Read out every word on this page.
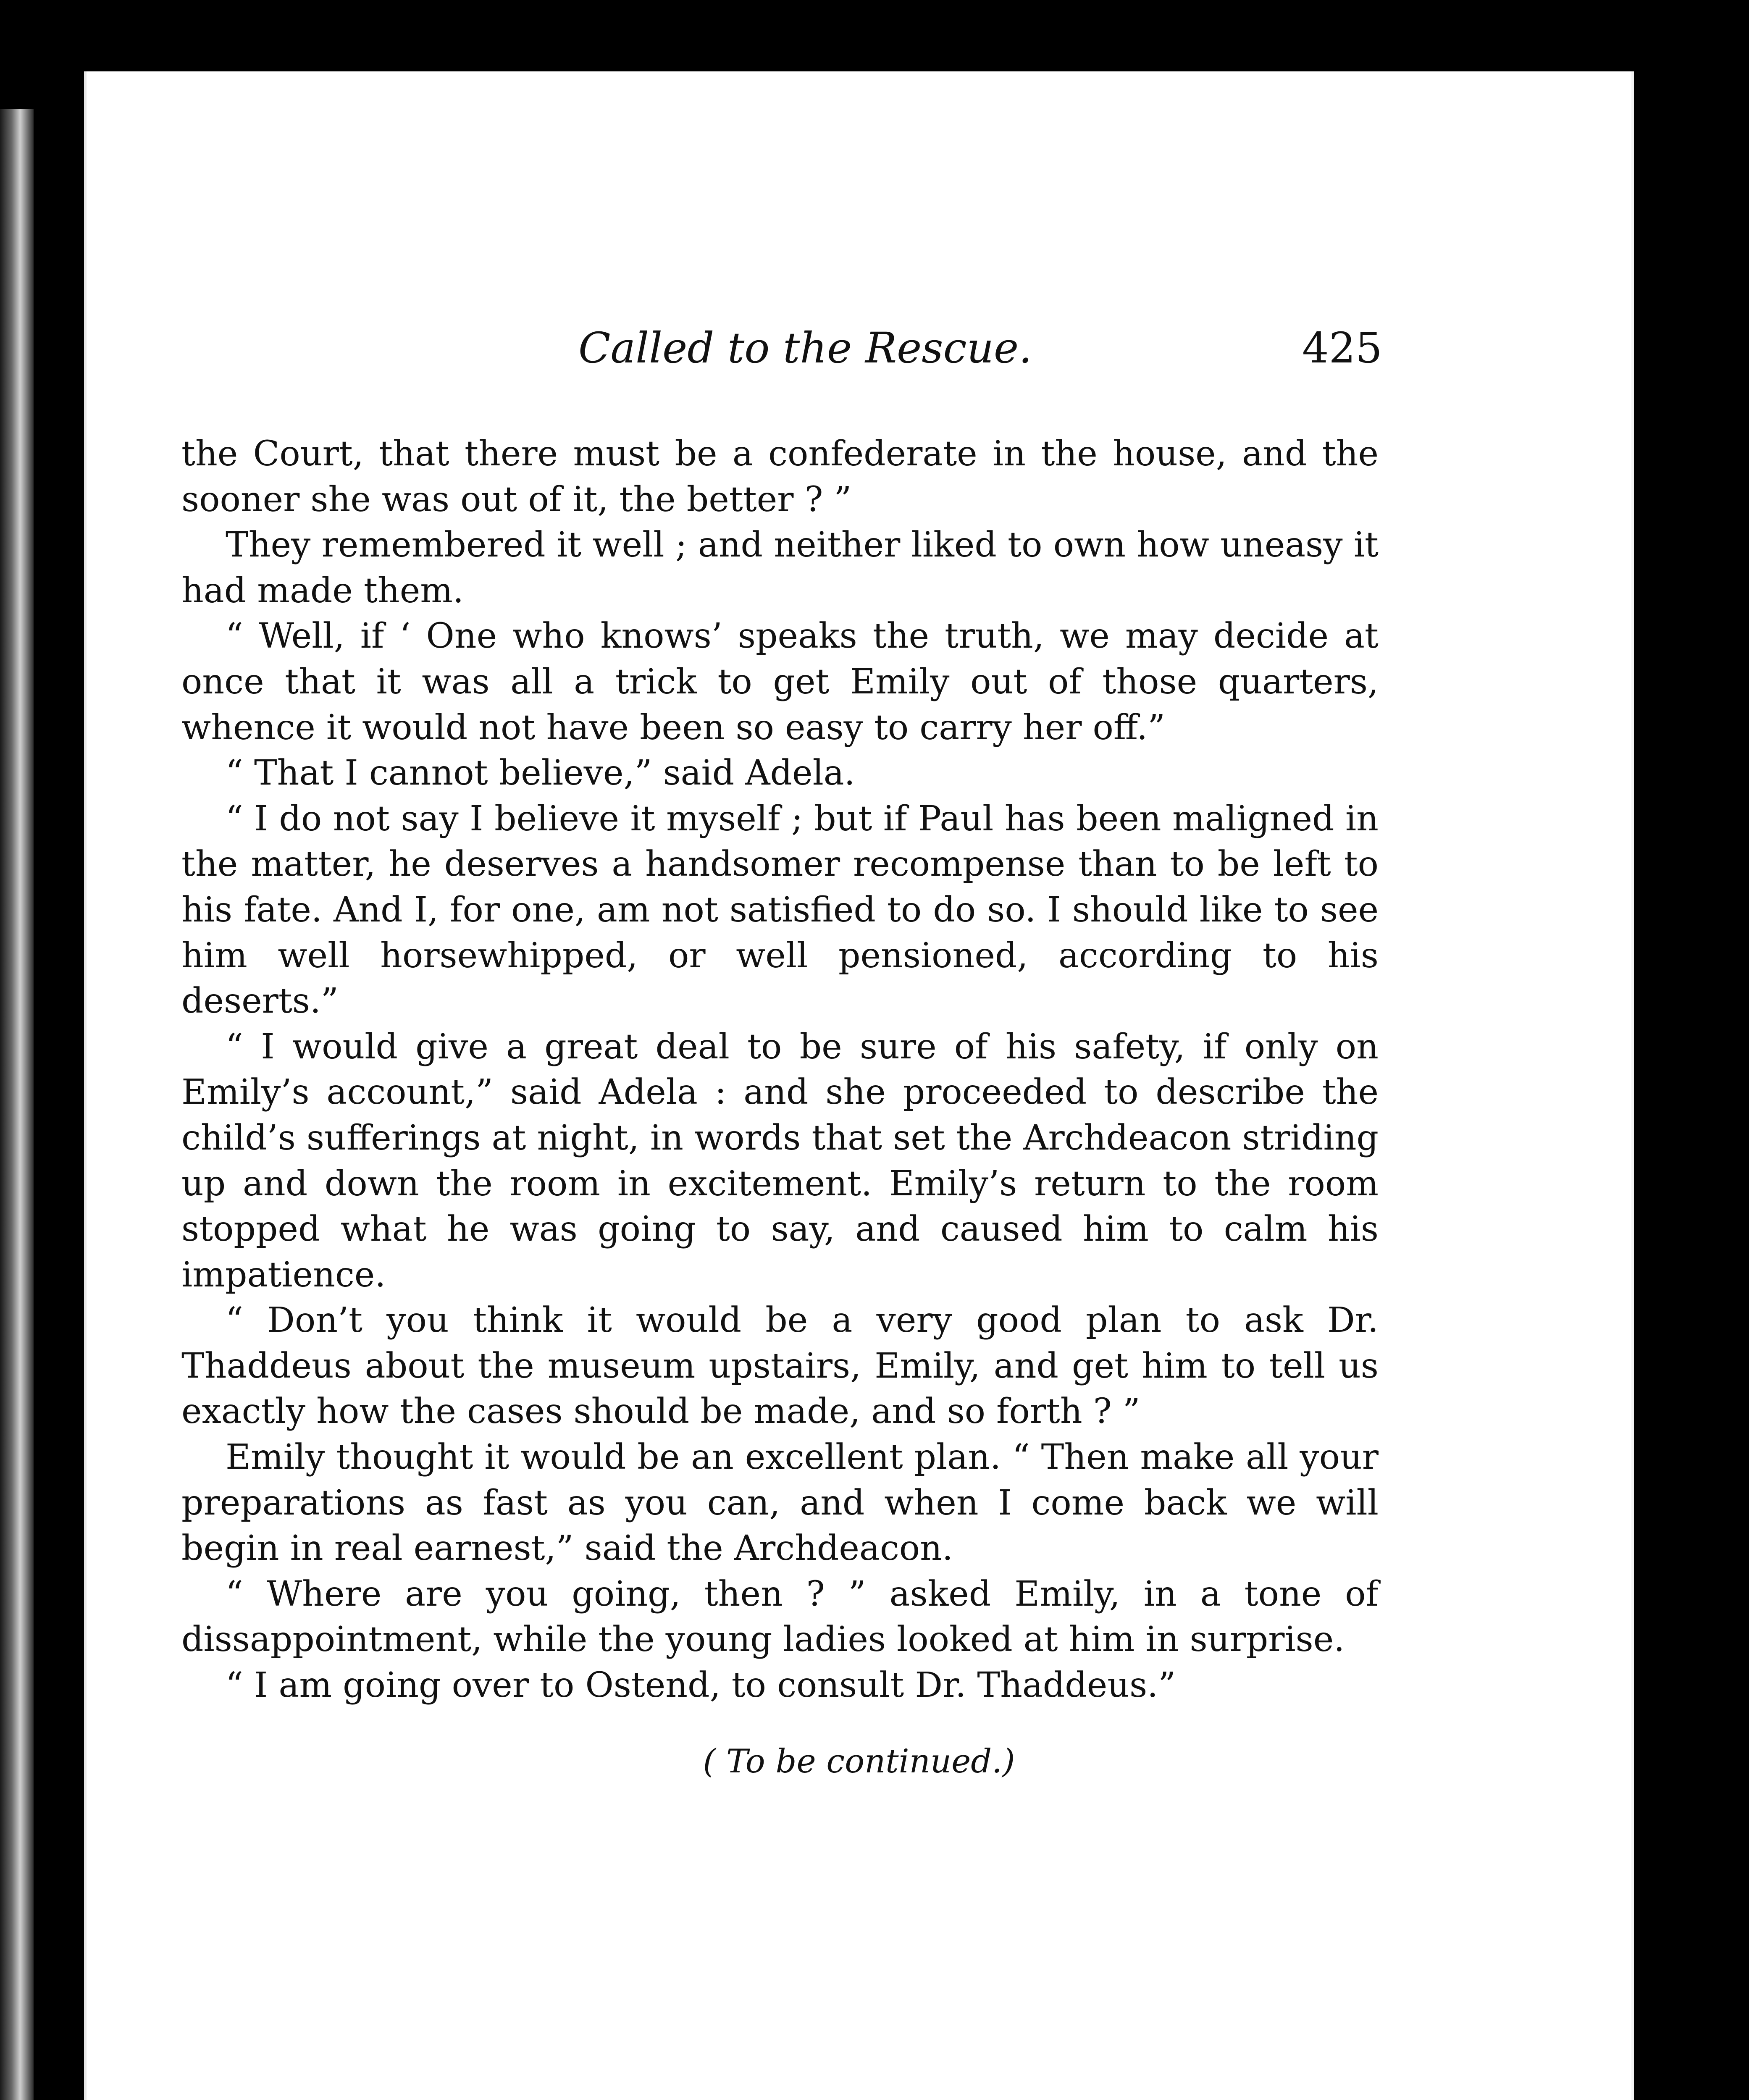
Called to the Rescue.	425

the Court, that there must be a confederate in the house, and the sooner she was out of it, the better ? ”

They remembered it well ; and neither liked to own how uneasy it had made them.

“ Well, if ‘ One who knows’ speaks the truth, we may decide at once that it was all a trick to get Emily out of those quarters, whence it would not have been so easy to carry her off.”

“ That I cannot believe,” said Adela.

“ I do not say I believe it myself ; but if Paul has been maligned in the matter, he deserves a handsomer recompense than to be left to his fate. And I, for one, am not satisfied to do so. I should like to see him well horsewhipped, or well pensioned, according to his deserts.”

“ I would give a great deal to be sure of his safety, if only on Emily’s account,” said Adela : and she proceeded to describe the child’s sufferings at night, in words that set the Archdeacon striding up and down the room in excitement. Emily’s return to the room stopped what he was going to say, and caused him to calm his impatience.

“ Don’t you think it would be a very good plan to ask Dr. Thaddeus about the museum upstairs, Emily, and get him to tell us exactly how the cases should be made, and so forth ? ”

Emily thought it would be an excellent plan. “ Then make all your preparations as fast as you can, and when I come back we will begin in real earnest,” said the Archdeacon.

“ Where are you going, then ? ” asked Emily, in a tone of dissappointment, while the young ladies looked at him in surprise.

“ I am going over to Ostend, to consult Dr. Thaddeus.”

( To be continued.)
